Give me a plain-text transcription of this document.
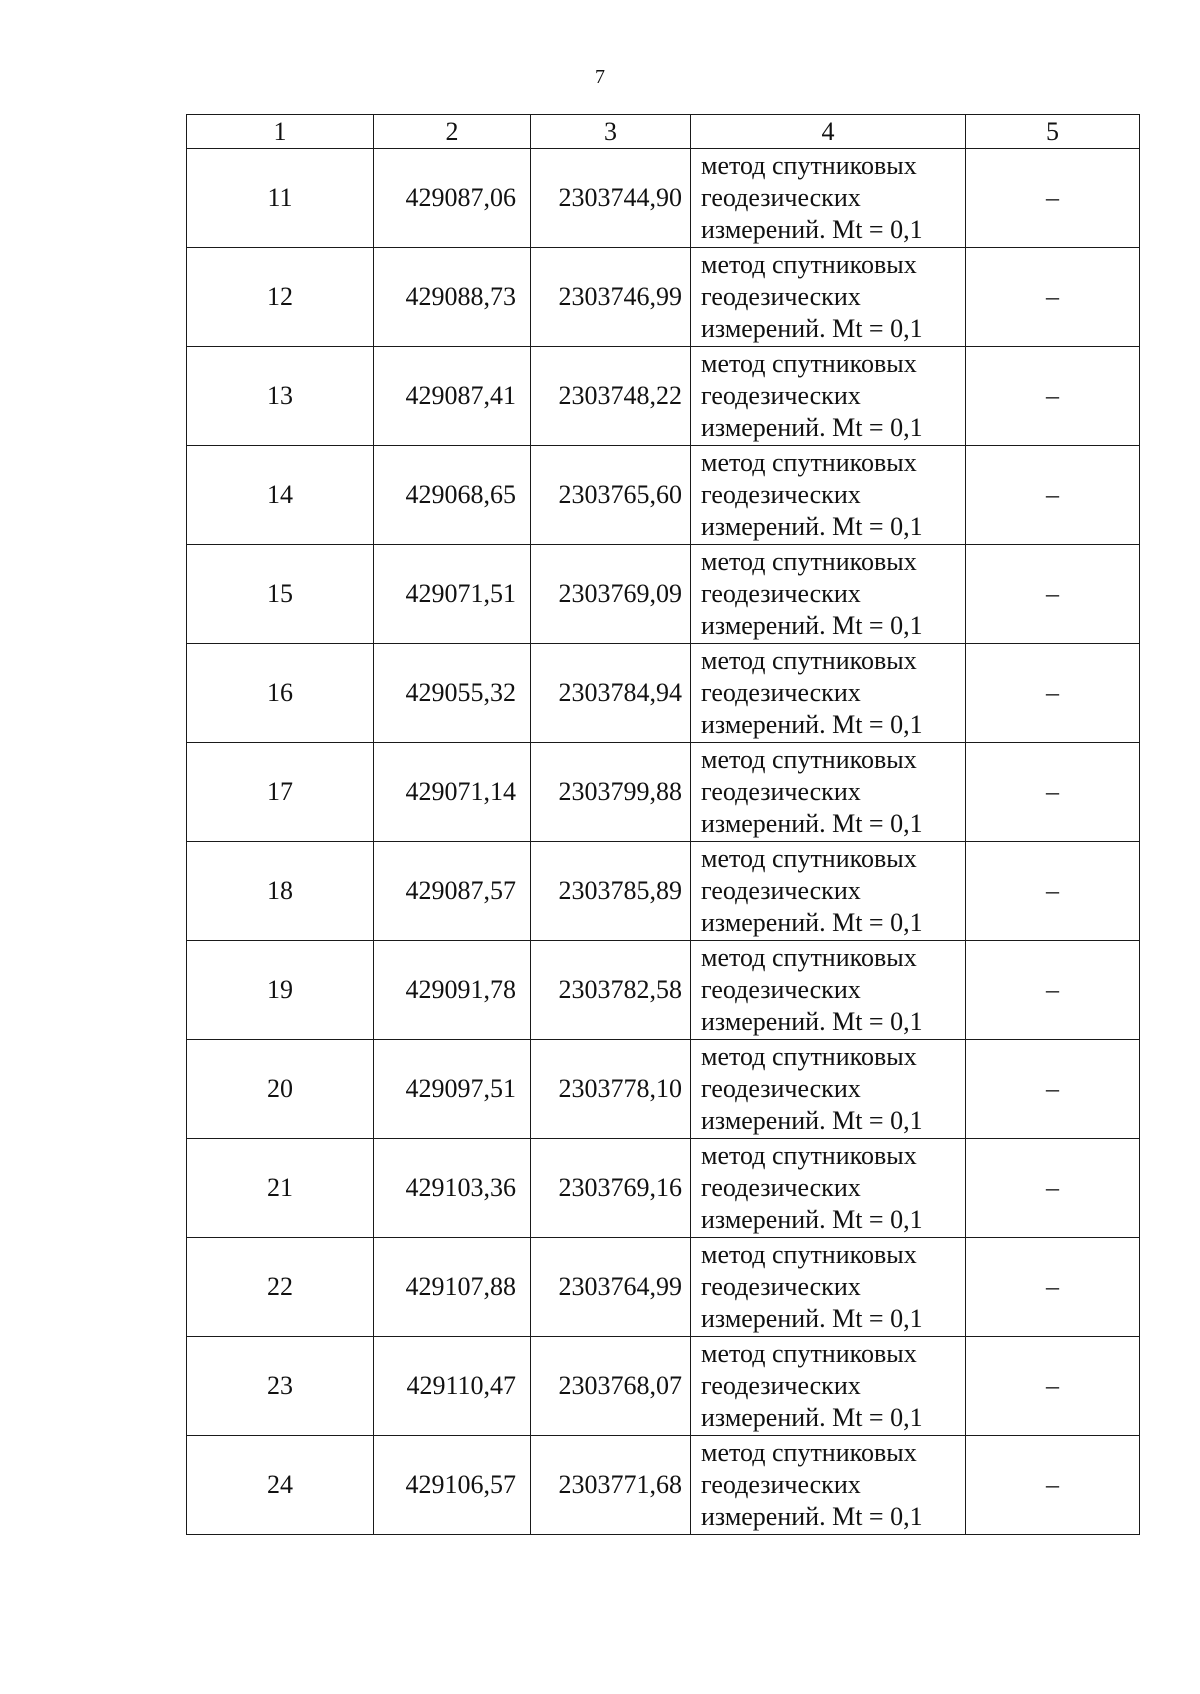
7
1	2	3	4	5
11	429087,06	2303744,90	метод спутниковых
геодезических
измерений. Mt = 0,1	–
12	429088,73	2303746,99	метод спутниковых
геодезических
измерений. Mt = 0,1	–
13	429087,41	2303748,22	метод спутниковых
геодезических
измерений. Mt = 0,1	–
14	429068,65	2303765,60	метод спутниковых
геодезических
измерений. Mt = 0,1	–
15	429071,51	2303769,09	метод спутниковых
геодезических
измерений. Mt = 0,1	–
16	429055,32	2303784,94	метод спутниковых
геодезических
измерений. Mt = 0,1	–
17	429071,14	2303799,88	метод спутниковых
геодезических
измерений. Mt = 0,1	–
18	429087,57	2303785,89	метод спутниковых
геодезических
измерений. Mt = 0,1	–
19	429091,78	2303782,58	метод спутниковых
геодезических
измерений. Mt = 0,1	–
20	429097,51	2303778,10	метод спутниковых
геодезических
измерений. Mt = 0,1	–
21	429103,36	2303769,16	метод спутниковых
геодезических
измерений. Mt = 0,1	–
22	429107,88	2303764,99	метод спутниковых
геодезических
измерений. Mt = 0,1	–
23	429110,47	2303768,07	метод спутниковых
геодезических
измерений. Mt = 0,1	–
24	429106,57	2303771,68	метод спутниковых
геодезических
измерений. Mt = 0,1	–
